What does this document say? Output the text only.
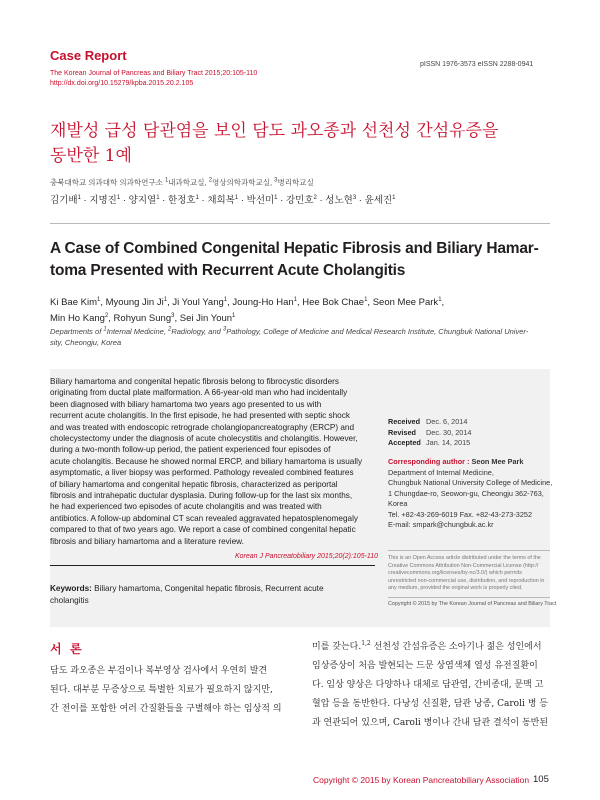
Case Report
The Korean Journal of Pancreas and Biliary Tract 2015;20:105-110
http://dx.doi.org/10.15279/kpba.2015.20.2.105
pISSN 1976-3573 eISSN 2288-0941
재발성 급성 담관염을 보인 담도 과오종과 선천성 간섬유증을
동반한 1예
충북대학교 의과대학 의과학연구소 $^1$내과학교실, $^2$영상의학과학교실, $^3$병리학교실
김기배$^1$ · 지명진$^1$ · 양지열$^1$ · 한정호$^1$ · 채희복$^1$ · 박선미$^1$ · 강민호$^2$ · 성노현$^3$ · 윤세진$^1$
A Case of Combined Congenital Hepatic Fibrosis and Biliary Hamar-
toma Presented with Recurrent Acute Cholangitis
Ki Bae Kim$^1$, Myoung Jin Ji$^1$, Ji Youl Yang$^1$, Joung-Ho Han$^1$, Hee Bok Chae$^1$, Seon Mee Park$^1$,
Min Ho Kang$^2$, Rohyun Sung$^3$, Sei Jin Youn$^1$
Departments of $^1$Internal Medicine, $^2$Radiology, and $^3$Pathology, College of Medicine and Medical Research Institute, Chungbuk National Univer-
sity, Cheongju, Korea
Biliary hamartoma and congenital hepatic fibrosis belong to fibrocystic disorders
originating from ductal plate malformation. A 66-year-old man who had incidentally
been diagnosed with biliary hamartoma two years ago presented to us with
recurrent acute cholangitis. In the first episode, he had presented with septic shock
and was treated with endoscopic retrograde cholangiopancreatography (ERCP) and
cholecystectomy under the diagnosis of acute cholecystitis and cholangitis. However,
during a two-month follow-up period, the patient experienced four episodes of
acute cholangitis. Because he showed normal ERCP, and biliary hamartoma is usually
asymptomatic, a liver biopsy was performed. Pathology revealed combined features
of biliary hamartoma and congenital hepatic fibrosis, characterized as periportal
fibrosis and intrahepatic ductular dysplasia. During follow-up for the last six months,
he had experienced two episodes of acute cholangitis and was treated with
antibiotics. A follow-up abdominal CT scan revealed aggravated hepatosplenomegaly
compared to that of two years ago. We report a case of combined congenital hepatic
fibrosis and biliary hamartoma and a literature review.
Korean J Pancreatobiliary 2015;20(2):105-110
Keywords: Biliary hamartoma, Congenital hepatic fibrosis, Recurrent acute
cholangitis
Received Dec. 6, 2014
Revised Dec. 30, 2014
Accepted Jan. 14, 2015
Corresponding author : Seon Mee Park
Department of Internal Medicine,
Chungbuk National University College of Medicine,
1 Chungdae-ro, Seowon-gu, Cheongju 362-763,
Korea
Tel. +82-43-269-6019 Fax. +82-43-273-3252
E-mail: smpark@chungbuk.ac.kr
This is an Open Access article distributed under the terms of the
Creative Commons Attribution Non-Commercial License (http://
creativecommons.org/licenses/by-nc/3.0/) which permits
unrestricted non-commercial use, distribution, and reproduction in
any medium, provided the original work is properly cited.
Copyright © 2015 by The Korean Journal of Pancreas and Biliary Tract
서  론
담도 과오종은 부검이나 복부영상 검사에서 우연히 발견
된다. 대부분 무증상으로 특별한 치료가 필요하지 않지만,
간 전이를 포함한 여러 간질환들을 구별해야 하는 임상적 의
미를 갖는다.$^{1,2}$ 선천성 간섬유증은 소아기나 젊은 성인에서
임상증상이 처음 발현되는 드문 상염색체 열성 유전질환이
다. 임상 양상은 다양하나 대체로 담관염, 간비종대, 문맥 고
혈압 등을 동반한다. 다낭성 신질환, 담관 낭종, Caroli 병 등
과 연관되어 있으며, Caroli 병이나 간내 담관 결석이 동반된
Copyright © 2015 by Korean Pancreatobiliary Association 105
